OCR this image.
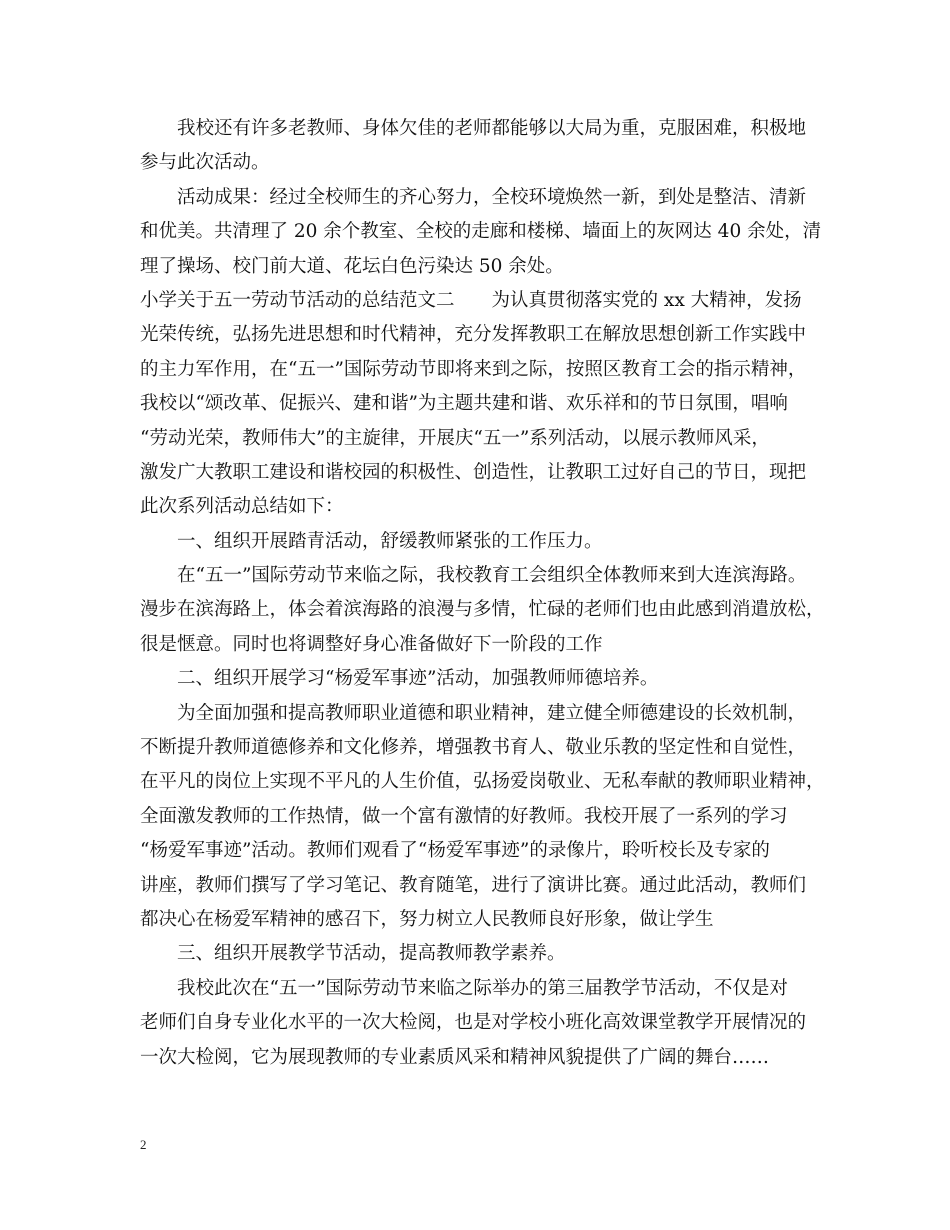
我校还有许多老教师、身体欠佳的老师都能够以大局为重，克服困难，积极地
参与此次活动。
活动成果：经过全校师生的齐心努力，全校环境焕然一新，到处是整洁、清新
和优美。共清理了 20 余个教室、全校的走廊和楼梯、墙面上的灰网达 40 余处，清
理了操场、校门前大道、花坛白色污染达 50 余处。
小学关于五一劳动节活动的总结范文二　　为认真贯彻落实党的 xx 大精神，发扬
光荣传统，弘扬先进思想和时代精神，充分发挥教职工在解放思想创新工作实践中
的主力军作用，在“五一”国际劳动节即将来到之际，按照区教育工会的指示精神，
我校以“颂改革、促振兴、建和谐”为主题共建和谐、欢乐祥和的节日氛围，唱响
“劳动光荣，教师伟大”的主旋律，开展庆“五一”系列活动，以展示教师风采，
激发广大教职工建设和谐校园的积极性、创造性，让教职工过好自己的节日，现把
此次系列活动总结如下：
一、组织开展踏青活动，舒缓教师紧张的工作压力。
在“五一”国际劳动节来临之际，我校教育工会组织全体教师来到大连滨海路。
漫步在滨海路上，体会着滨海路的浪漫与多情，忙碌的老师们也由此感到消遣放松，
很是惬意。同时也将调整好身心准备做好下一阶段的工作
二、组织开展学习“杨爱军事迹”活动，加强教师师德培养。
为全面加强和提高教师职业道德和职业精神，建立健全师德建设的长效机制，
不断提升教师道德修养和文化修养，增强教书育人、敬业乐教的坚定性和自觉性，
在平凡的岗位上实现不平凡的人生价值，弘扬爱岗敬业、无私奉献的教师职业精神，
全面激发教师的工作热情，做一个富有激情的好教师。我校开展了一系列的学习
“杨爱军事迹”活动。教师们观看了“杨爱军事迹”的录像片，聆听校长及专家的
讲座，教师们撰写了学习笔记、教育随笔，进行了演讲比赛。通过此活动，教师们
都决心在杨爱军精神的感召下，努力树立人民教师良好形象，做让学生
三、组织开展教学节活动，提高教师教学素养。
我校此次在“五一”国际劳动节来临之际举办的第三届教学节活动，不仅是对
老师们自身专业化水平的一次大检阅，也是对学校小班化高效课堂教学开展情况的
一次大检阅，它为展现教师的专业素质风采和精神风貌提供了广阔的舞台……
2
